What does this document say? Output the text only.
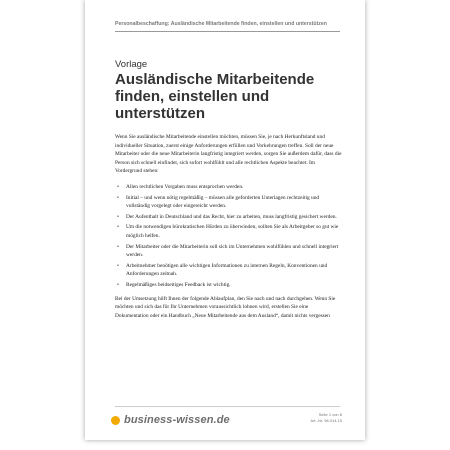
Personalbeschaffung: Ausländische Mitarbeitende finden, einstellen und unterstützen
Vorlage
Ausländische Mitarbeitende finden, einstellen und unterstützen

Wenn Sie ausländische Mitarbeitende einstellen möchten, müssen Sie, je nach Herkunftsland und individueller Situation, zuerst einige Anforderungen erfüllen und Vorkehrungen treffen. Soll der neue Mitarbeiter oder die neue Mitarbeiterin langfristig integriert werden, sorgen Sie außerdem dafür, dass die Person sich schnell einfindet, sich sofort wohlfühlt und alle rechtlichen Aspekte beachtet. Im Vordergrund stehen:

• Allen rechtlichen Vorgaben muss entsprochen werden.
• Initial – und wenn nötig regelmäßig – müssen alle geforderten Unterlagen rechtzeitig und vollständig vorgelegt oder eingereicht werden.
• Der Aufenthalt in Deutschland und das Recht, hier zu arbeiten, muss langfristig gesichert werden.
• Um die notwendigen bürokratischen Hürden zu überwinden, sollten Sie als Arbeitgeber so gut wie möglich helfen.
• Der Mitarbeiter oder die Mitarbeiterin soll sich im Unternehmen wohlfühlen und schnell integriert werden.
• Arbeitnehmer benötigen alle wichtigen Informationen zu internen Regeln, Konventionen und Anforderungen zeitnah.
• Regelmäßiges beidseitiges Feedback ist wichtig.

Bei der Umsetzung hilft Ihnen der folgende Ablaufplan, den Sie nach und nach durchgehen. Wenn Sie möchten und sich das für Ihr Unternehmen voraussichtlich lohnen wird, erstellen Sie eine Dokumentation oder ein Handbuch „Neue Mitarbeitende aus dem Ausland“, damit nichts vergessen

business-wissen.de	Seite 1 von 8
Art.-Nr. 98.014.15
